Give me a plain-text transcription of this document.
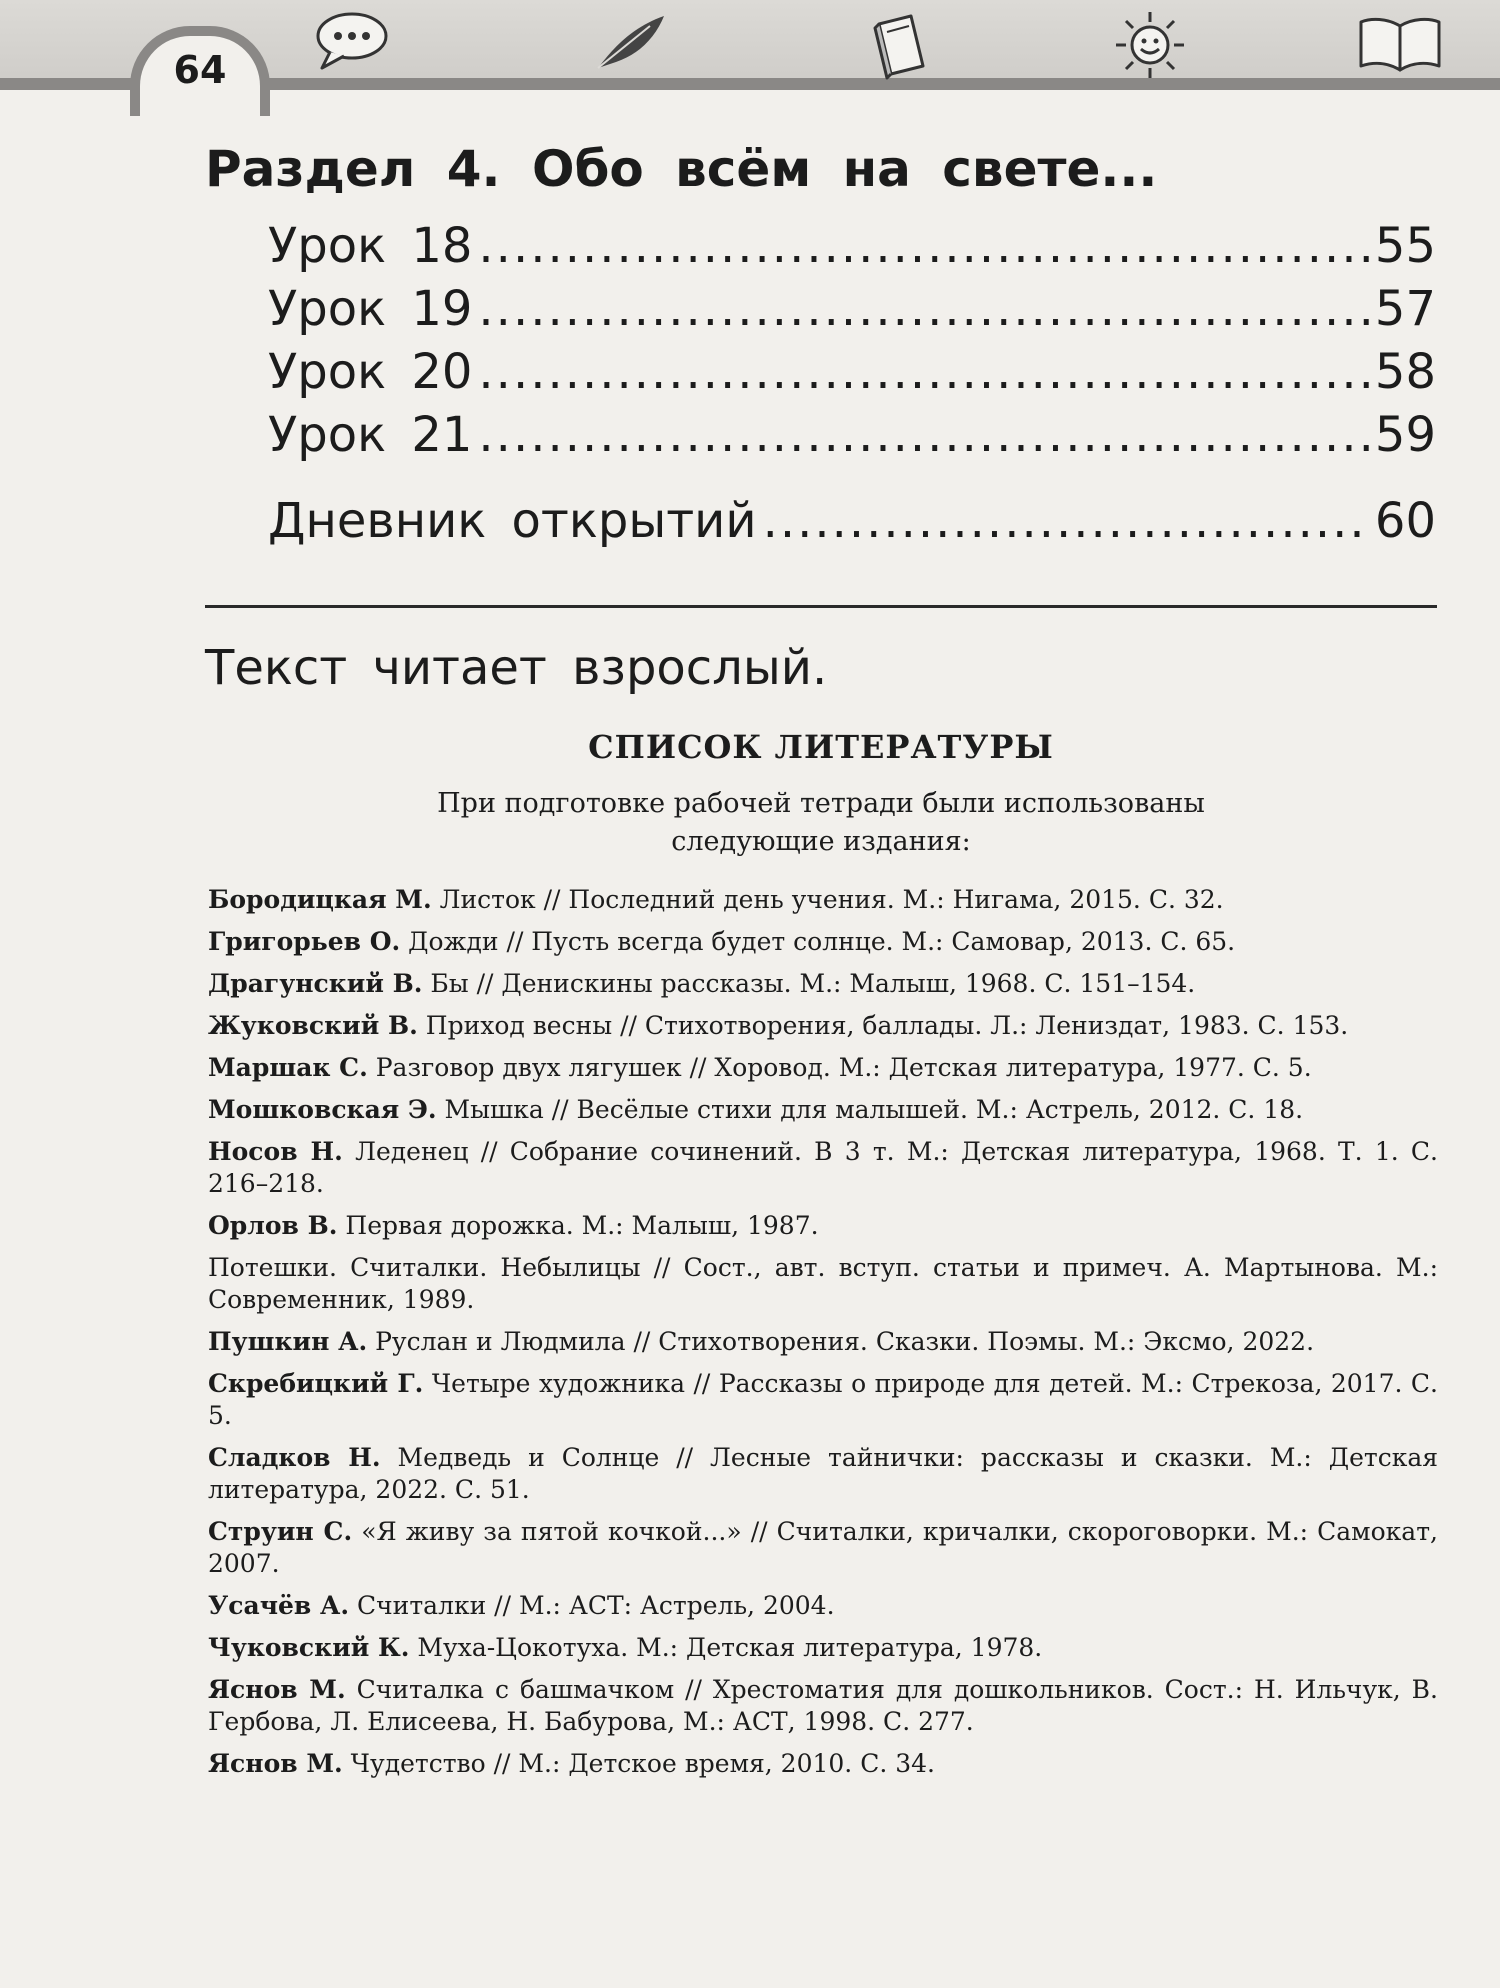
64
Раздел 4. Обо всём на свете...
Урок 18 .....	55
Урок 19 .....	57
Урок 20 .....	58
Урок 21 .....	59
Дневник открытий .....	60
Текст читает взрослый.
СПИСОК ЛИТЕРАТУРЫ
При подготовке рабочей тетради были использованы
следующие издания:

Бородицкая М. Листок // Последний день учения. М.: Нигама, 2015. С. 32.

Григорьев О. Дожди // Пусть всегда будет солнце. М.: Самовар, 2013. С. 65.

Драгунский В. Бы // Денискины рассказы. М.: Малыш, 1968. С. 151–154.

Жуковский В. Приход весны // Стихотворения, баллады. Л.: Лениздат, 1983. С. 153.

Маршак С. Разговор двух лягушек // Хоровод. М.: Детская литература, 1977. С. 5.

Мошковская Э. Мышка // Весёлые стихи для малышей. М.: Астрель, 2012. С. 18.

Носов Н. Леденец // Собрание сочинений. В 3 т. М.: Детская литература, 1968. Т. 1. С. 216–218.

Орлов В. Первая дорожка. М.: Малыш, 1987.

Потешки. Считалки. Небылицы // Сост., авт. вступ. статьи и примеч. А. Мартынова. М.: Современник, 1989.

Пушкин А. Руслан и Людмила // Стихотворения. Сказки. Поэмы. М.: Эксмо, 2022.

Скребицкий Г. Четыре художника // Рассказы о природе для детей. М.: Стрекоза, 2017. С. 5.

Сладков Н. Медведь и Солнце // Лесные тайнички: рассказы и сказки. М.: Детская литература, 2022. С. 51.

Струин С. «Я живу за пятой кочкой...» // Считалки, кричалки, скороговорки. М.: Самокат, 2007.

Усачёв А. Считалки // М.: АСТ: Астрель, 2004.

Чуковский К. Муха-Цокотуха. М.: Детская литература, 1978.

Яснов М. Считалка с башмачком // Хрестоматия для дошкольников. Сост.: Н. Ильчук, В. Гербова, Л. Елисеева, Н. Бабурова, М.: АСТ, 1998. С. 277.

Яснов М. Чудетство // М.: Детское время, 2010. С. 34.
